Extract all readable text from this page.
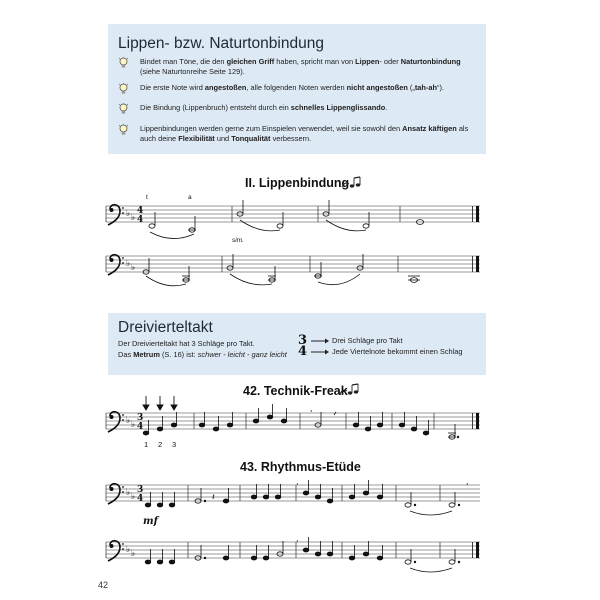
Lippen- bzw. Naturtonbindung
Bindet man Töne, die den gleichen Griff haben, spricht man von Lippen- oder Naturtonbindung (siehe Naturtonreihe Seite 129).
Die erste Note wird angestoßen, alle folgenden Noten werden nicht angestoßen („tah-ah“).
Die Bindung (Lippenbruch) entsteht durch ein schnelles Lippenglissando.
Lippenbindungen werden gerne zum Einspielen verwendet, weil sie sowohl den Ansatz käftigen als auch deine Flexibilität und Tonqualität verbessern.
II. Lippenbindung
t	a
sim.
Dreivierteltakt
Der Dreivierteltakt hat 3 Schläge pro Takt.
Das Metrum (S. 16) ist: schwer - leicht - ganz leicht
3
4
Drei Schläge pro Takt
Jede Viertelnote bekommt einen Schlag
42. Technik-Freak
1 2 3
43. Rhythmus-Etüde
mf
42
♭ ♭
♭ ♭
♭ ♭
♭ ♭
♭ ♭
4
4
3
4
3
4	𝄽
,	,
,
,
